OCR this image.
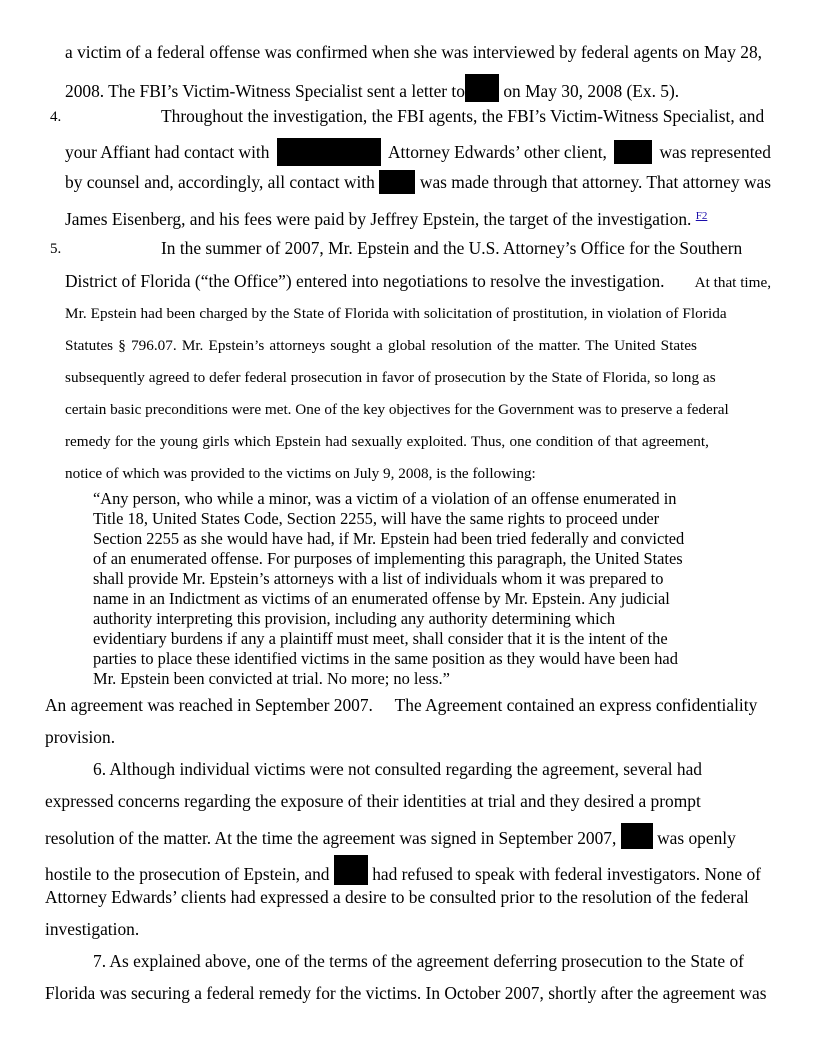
a victim of a federal offense was confirmed when she was interviewed by federal agents on May 28,
2008. The FBI’s Victim-Witness Specialist sent a letter to on May 30, 2008 (Ex. 5).
4.	Throughout the investigation, the FBI agents, the FBI’s Victim-Witness Specialist, and
your Affiant had contact with	Attorney Edwards’ other client,	was represented
by counsel and, accordingly, all contact with	was made through that attorney. That attorney was
James Eisenberg, and his fees were paid by Jeffrey Epstein, the target of the investigation. $^{F2}$
5.	In the summer of 2007, Mr. Epstein and the U.S. Attorney’s Office for the Southern
District of Florida (“the Office”) entered into negotiations to resolve the investigation. At that time,
Mr. Epstein had been charged by the State of Florida with solicitation of prostitution, in violation of Florida
Statutes § 796.07. Mr. Epstein’s attorneys sought a global resolution of the matter. The United States
subsequently agreed to defer federal prosecution in favor of prosecution by the State of Florida, so long as
certain basic preconditions were met. One of the key objectives for the Government was to preserve a federal
remedy for the young girls which Epstein had sexually exploited. Thus, one condition of that agreement,
notice of which was provided to the victims on July 9, 2008, is the following:
“Any person, who while a minor, was a victim of a violation of an offense enumerated in
Title 18, United States Code, Section 2255, will have the same rights to proceed under
Section 2255 as she would have had, if Mr. Epstein had been tried federally and convicted
of an enumerated offense. For purposes of implementing this paragraph, the United States
shall provide Mr. Epstein’s attorneys with a list of individuals whom it was prepared to
name in an Indictment as victims of an enumerated offense by Mr. Epstein. Any judicial
authority interpreting this provision, including any authority determining which
evidentiary burdens if any a plaintiff must meet, shall consider that it is the intent of the
parties to place these identified victims in the same position as they would have been had
Mr. Epstein been convicted at trial. No more; no less.”
An agreement was reached in September 2007. The Agreement contained an express confidentiality
provision.
6. Although individual victims were not consulted regarding the agreement, several had
expressed concerns regarding the exposure of their identities at trial and they desired a prompt
resolution of the matter. At the time the agreement was signed in September 2007, was openly
hostile to the prosecution of Epstein, and had refused to speak with federal investigators. None of
Attorney Edwards’ clients had expressed a desire to be consulted prior to the resolution of the federal
investigation.
7. As explained above, one of the terms of the agreement deferring prosecution to the State of
Florida was securing a federal remedy for the victims. In October 2007, shortly after the agreement was
